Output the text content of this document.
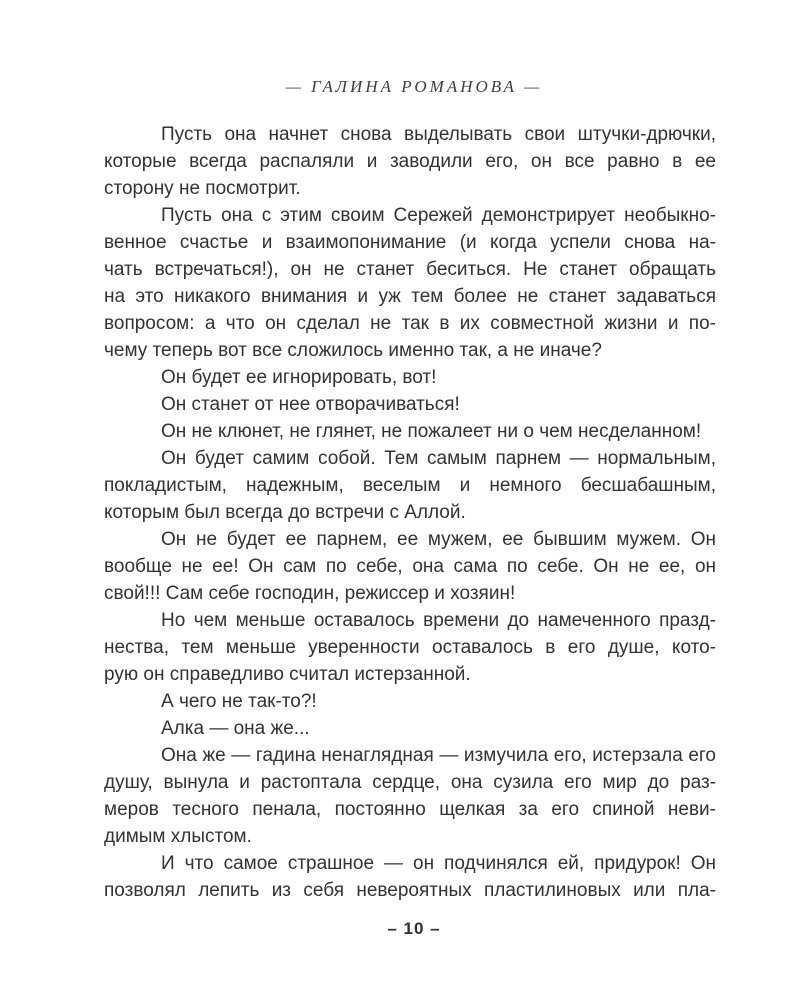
— ГАЛИНА РОМАНОВА —
Пусть она начнет снова выделывать свои штучки-дрючки,
которые всегда распаляли и заводили его, он все равно в ее
сторону не посмотрит.
Пусть она с этим своим Сережей демонстрирует необыкно-
венное счастье и взаимопонимание (и когда успели снова на-
чать встречаться!), он не станет беситься. Не станет обращать
на это никакого внимания и уж тем более не станет задаваться
вопросом: а что он сделал не так в их совместной жизни и по-
чему теперь вот все сложилось именно так, а не иначе?
Он будет ее игнорировать, вот!
Он станет от нее отворачиваться!
Он не клюнет, не глянет, не пожалеет ни о чем несделанном!
Он будет самим собой. Тем самым парнем — нормальным,
покладистым, надежным, веселым и немного бесшабашным,
которым был всегда до встречи с Аллой.
Он не будет ее парнем, ее мужем, ее бывшим мужем. Он
вообще не ее! Он сам по себе, она сама по себе. Он не ее, он
свой!!! Сам себе господин, режиссер и хозяин!
Но чем меньше оставалось времени до намеченного празд-
нества, тем меньше уверенности оставалось в его душе, кото-
рую он справедливо считал истерзанной.
А чего не так-то?!
Алка — она же...
Она же — гадина ненаглядная — измучила его, истерзала его
душу, вынула и растоптала сердце, она сузила его мир до раз-
меров тесного пенала, постоянно щелкая за его спиной неви-
димым хлыстом.
И что самое страшное — он подчинялся ей, придурок! Он
позволял лепить из себя невероятных пластилиновых или пла-
– 10 –
